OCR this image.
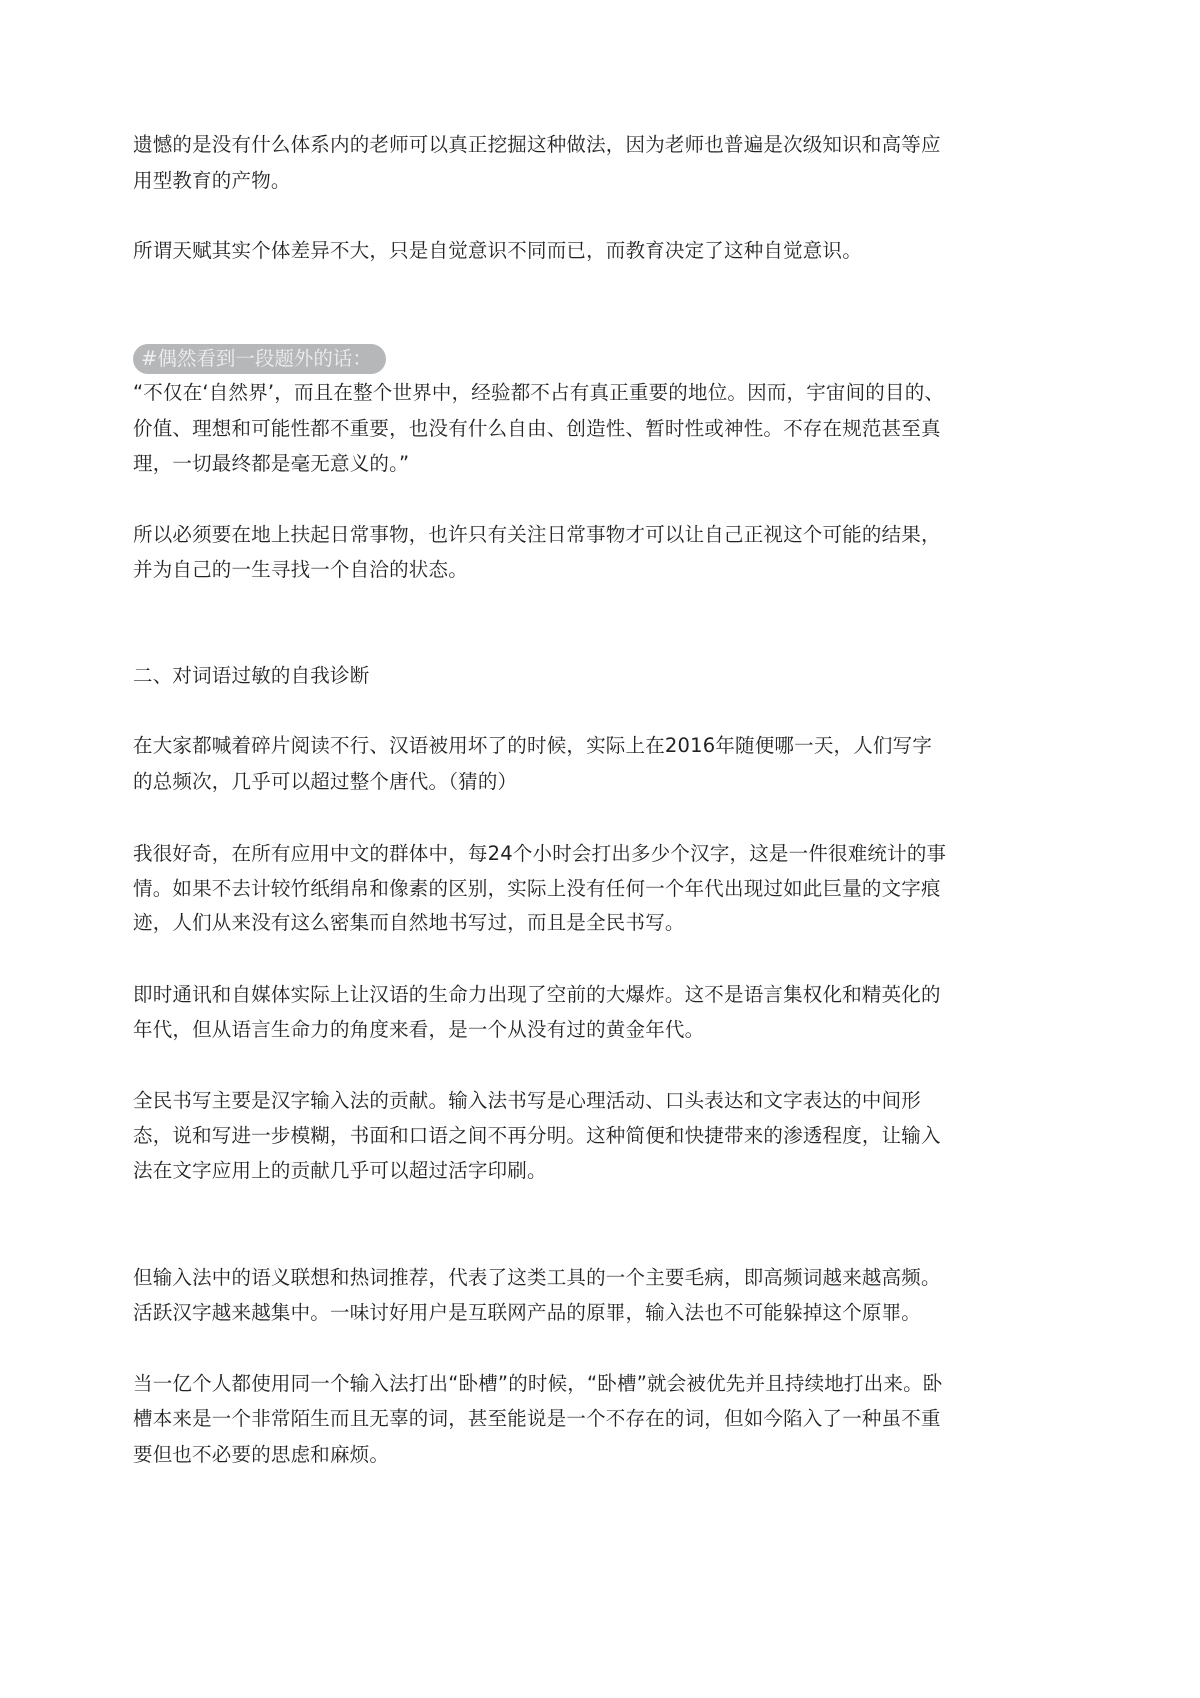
遗憾的是没有什么体系内的老师可以真正挖掘这种做法，因为老师也普遍是次级知识和高等应
用型教育的产物。
所谓天赋其实个体差异不大，只是自觉意识不同而已，而教育决定了这种自觉意识。
#偶然看到一段题外的话：
“不仅在‘自然界’，而且在整个世界中，经验都不占有真正重要的地位。因而，宇宙间的目的、
价值、理想和可能性都不重要，也没有什么自由、创造性、暂时性或神性。不存在规范甚至真
理，一切最终都是毫无意义的。”
所以必须要在地上扶起日常事物，也许只有关注日常事物才可以让自己正视这个可能的结果，
并为自己的一生寻找一个自洽的状态。
二、对词语过敏的自我诊断
在大家都喊着碎片阅读不行、汉语被用坏了的时候，实际上在2016年随便哪一天，人们写字
的总频次，几乎可以超过整个唐代。（猜的）
我很好奇，在所有应用中文的群体中，每24个小时会打出多少个汉字，这是一件很难统计的事
情。如果不去计较竹纸绢帛和像素的区别，实际上没有任何一个年代出现过如此巨量的文字痕
迹，人们从来没有这么密集而自然地书写过，而且是全民书写。
即时通讯和自媒体实际上让汉语的生命力出现了空前的大爆炸。这不是语言集权化和精英化的
年代，但从语言生命力的角度来看，是一个从没有过的黄金年代。
全民书写主要是汉字输入法的贡献。输入法书写是心理活动、口头表达和文字表达的中间形
态，说和写进一步模糊，书面和口语之间不再分明。这种简便和快捷带来的渗透程度，让输入
法在文字应用上的贡献几乎可以超过活字印刷。
但输入法中的语义联想和热词推荐，代表了这类工具的一个主要毛病，即高频词越来越高频。
活跃汉字越来越集中。一味讨好用户是互联网产品的原罪，输入法也不可能躲掉这个原罪。
当一亿个人都使用同一个输入法打出“卧槽”的时候，“卧槽”就会被优先并且持续地打出来。卧
槽本来是一个非常陌生而且无辜的词，甚至能说是一个不存在的词，但如今陷入了一种虽不重
要但也不必要的思虑和麻烦。
